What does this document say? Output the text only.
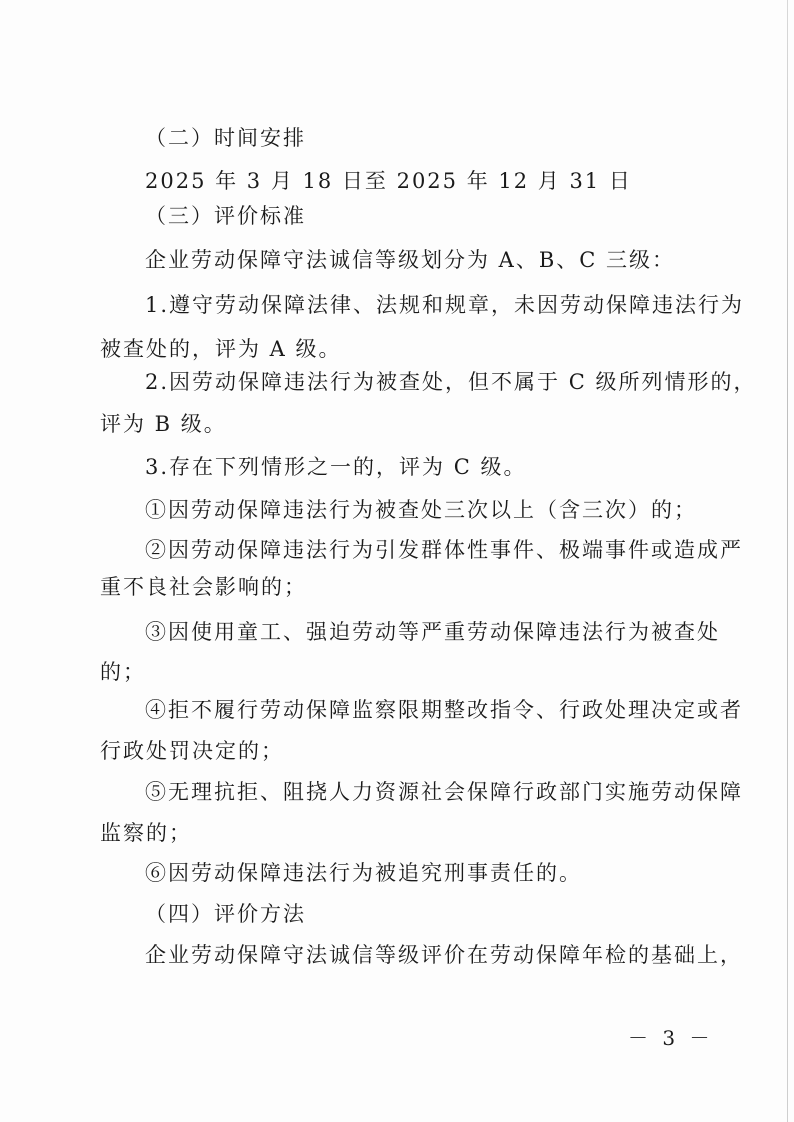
（二）时间安排
2025 年 3 月 18 日至 2025 年 12 月 31 日
（三）评价标准
企业劳动保障守法诚信等级划分为 A、B、C 三级：
1.遵守劳动保障法律、法规和规章，未因劳动保障违法行为
被查处的，评为 A 级。
2.因劳动保障违法行为被查处，但不属于 C 级所列情形的，
评为 B 级。
3.存在下列情形之一的，评为 C 级。
①因劳动保障违法行为被查处三次以上（含三次）的；
②因劳动保障违法行为引发群体性事件、极端事件或造成严
重不良社会影响的；
③因使用童工、强迫劳动等严重劳动保障违法行为被查处
的；
④拒不履行劳动保障监察限期整改指令、行政处理决定或者
行政处罚决定的；
⑤无理抗拒、阻挠人力资源社会保障行政部门实施劳动保障
监察的；
⑥因劳动保障违法行为被追究刑事责任的。
（四）评价方法
企业劳动保障守法诚信等级评价在劳动保障年检的基础上，
－ 3 －
